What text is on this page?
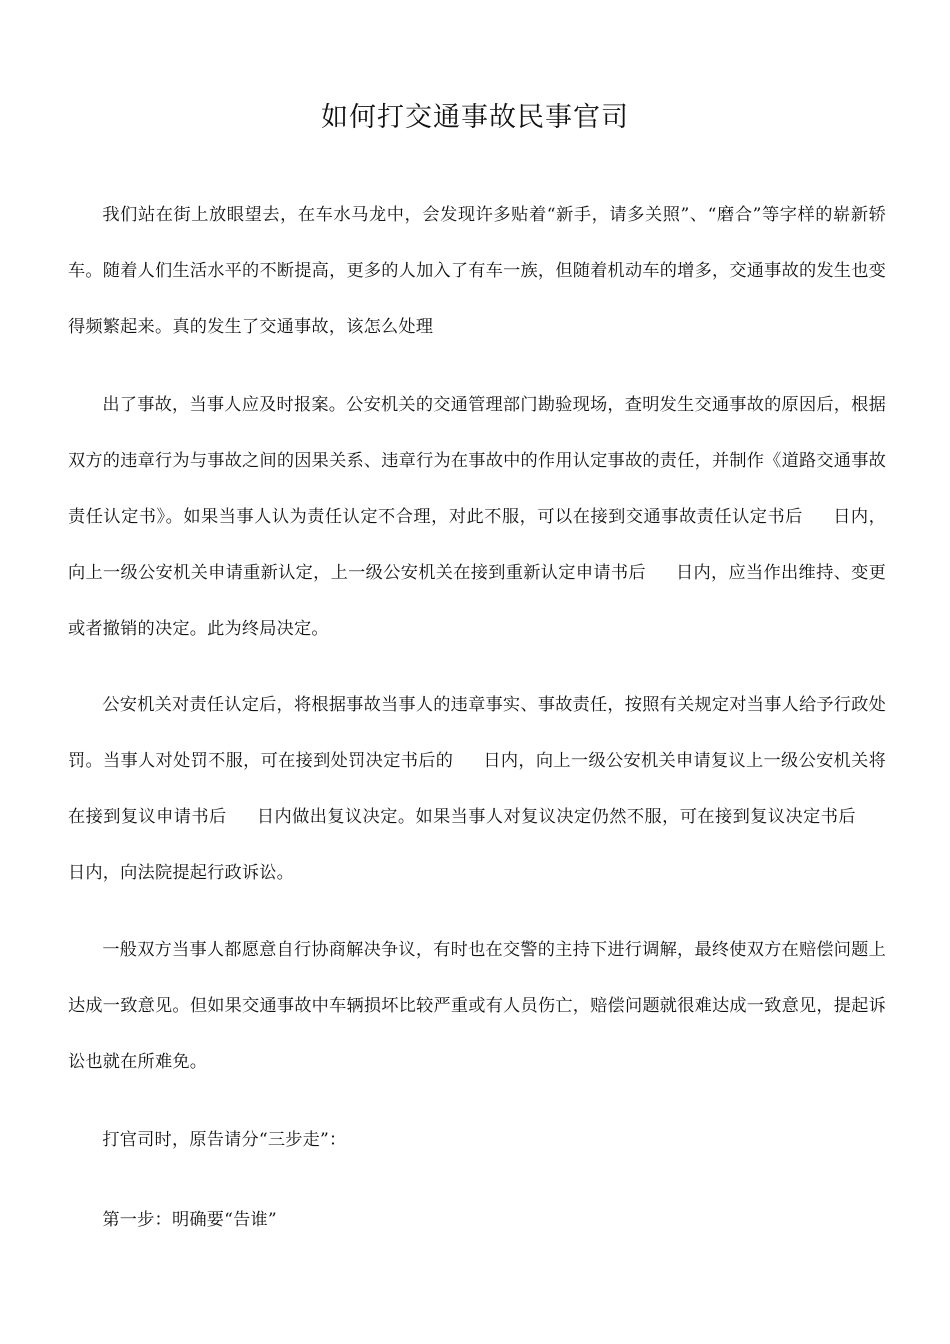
如何打交通事故民事官司

我们站在街上放眼望去，在车水马龙中，会发现许多贴着“新手，请多关照”、“磨合”等字样的崭新轿车。随着人们生活水平的不断提高，更多的人加入了有车一族，但随着机动车的增多，交通事故的发生也变得频繁起来。真的发生了交通事故，该怎么处理

出了事故，当事人应及时报案。公安机关的交通管理部门勘验现场，查明发生交通事故的原因后，根据双方的违章行为与事故之间的因果关系、违章行为在事故中的作用认定事故的责任，并制作《道路交通事故责任认定书》。如果当事人认为责任认定不合理，对此不服，可以在接到交通事故责任认定书后 日内，向上一级公安机关申请重新认定，上一级公安机关在接到重新认定申请书后 日内，应当作出维持、变更或者撤销的决定。此为终局决定。

公安机关对责任认定后，将根据事故当事人的违章事实、事故责任，按照有关规定对当事人给予行政处罚。当事人对处罚不服，可在接到处罚决定书后的 日内，向上一级公安机关申请复议上一级公安机关将在接到复议申请书后 日内做出复议决定。如果当事人对复议决定仍然不服，可在接到复议决定书后日内，向法院提起行政诉讼。

一般双方当事人都愿意自行协商解决争议，有时也在交警的主持下进行调解，最终使双方在赔偿问题上达成一致意见。但如果交通事故中车辆损坏比较严重或有人员伤亡，赔偿问题就很难达成一致意见，提起诉讼也就在所难免。

打官司时，原告请分“三步走”：

第一步：明确要“告谁”
